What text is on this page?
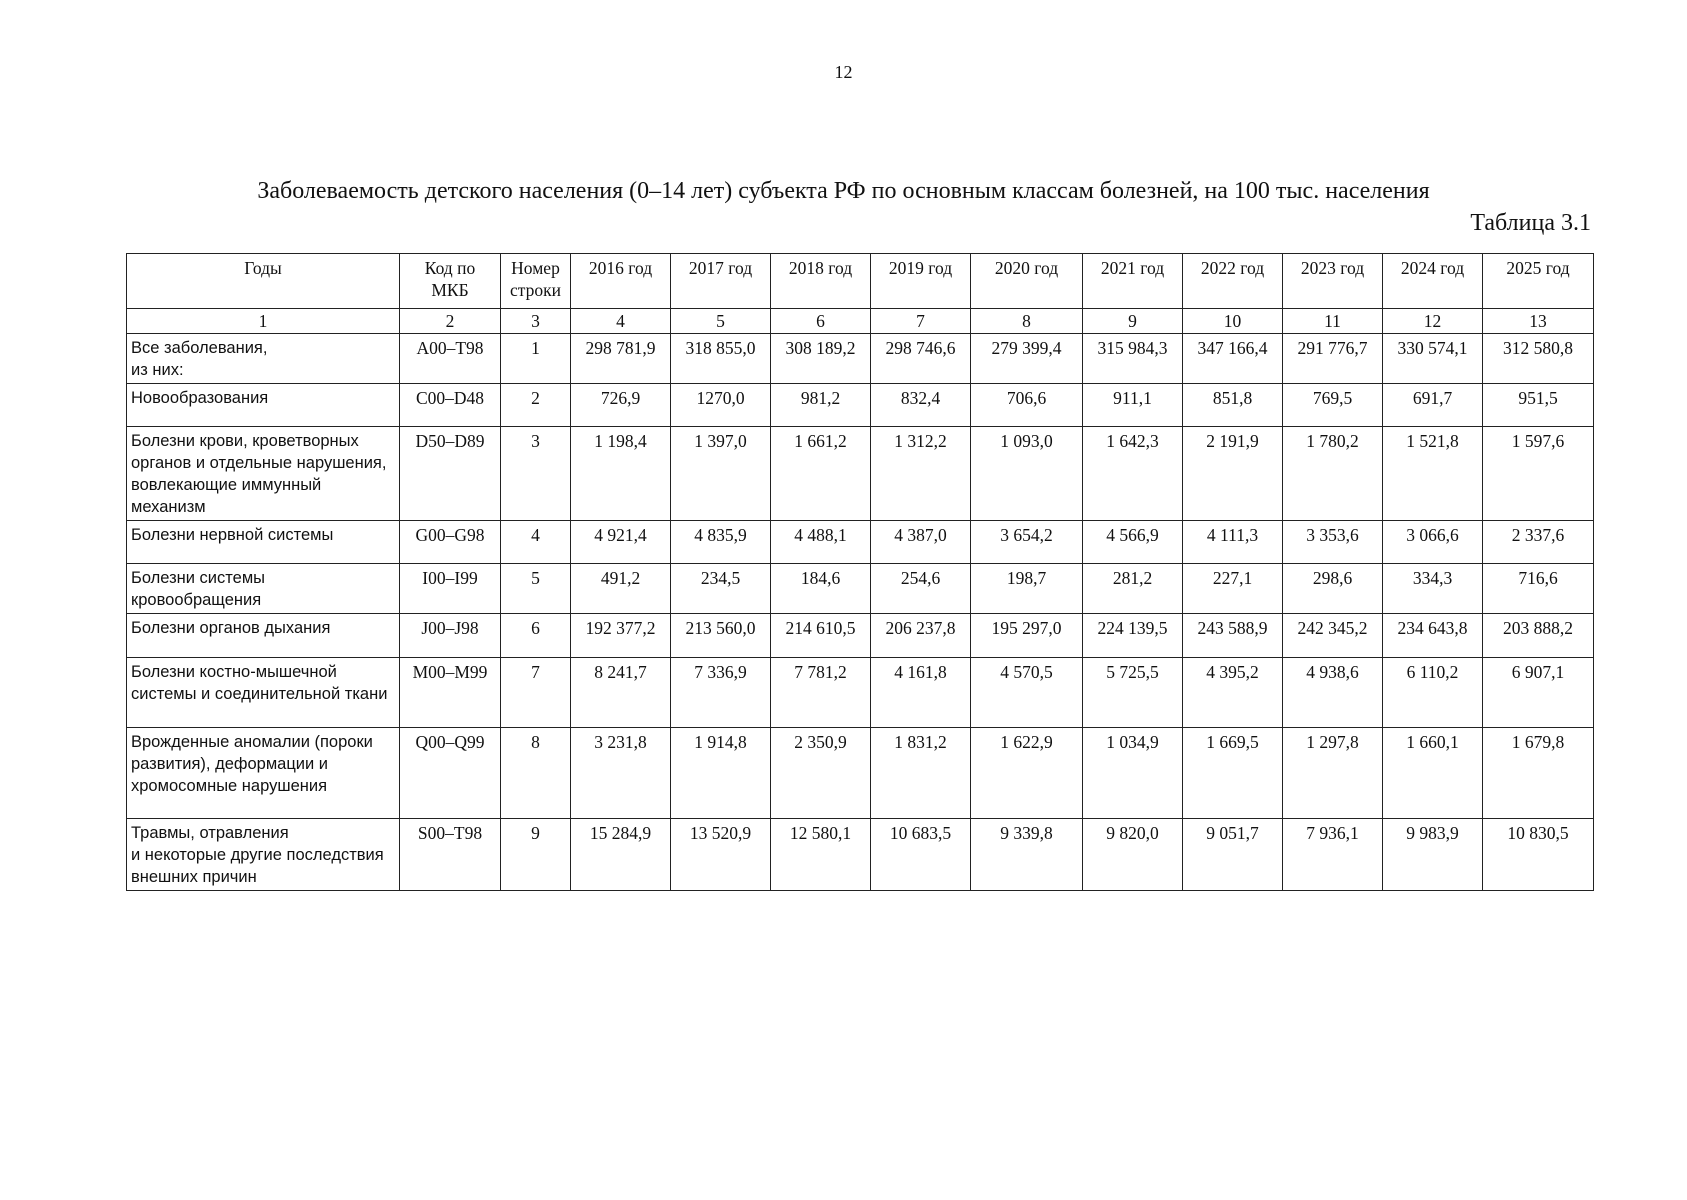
12
Заболеваемость детского населения (0–14 лет) субъекта РФ по основным классам болезней, на 100 тыс. населения
Таблица 3.1
Годы	Код по МКБ	Номер строки	2016 год	2017 год	2018 год	2019 год	2020 год	2021 год	2022 год	2023 год	2024 год	2025 год
1	2	3	4	5	6	7	8	9	10	11	12	13
Все заболевания,
из них:	A00–T98	1	298 781,9	318 855,0	308 189,2	298 746,6	279 399,4	315 984,3	347 166,4	291 776,7	330 574,1	312 580,8
Новообразования	C00–D48	2	726,9	1270,0	981,2	832,4	706,6	911,1	851,8	769,5	691,7	951,5
Болезни крови, кроветворных органов и отдельные нарушения, вовлекающие иммунный механизм	D50–D89	3	1 198,4	1 397,0	1 661,2	1 312,2	1 093,0	1 642,3	2 191,9	1 780,2	1 521,8	1 597,6
Болезни нервной системы	G00–G98	4	4 921,4	4 835,9	4 488,1	4 387,0	3 654,2	4 566,9	4 111,3	3 353,6	3 066,6	2 337,6
Болезни системы кровообращения	I00–I99	5	491,2	234,5	184,6	254,6	198,7	281,2	227,1	298,6	334,3	716,6
Болезни органов дыхания	J00–J98	6	192 377,2	213 560,0	214 610,5	206 237,8	195 297,0	224 139,5	243 588,9	242 345,2	234 643,8	203 888,2
Болезни костно-мышечной системы и соединительной ткани	M00–M99	7	8 241,7	7 336,9	7 781,2	4 161,8	4 570,5	5 725,5	4 395,2	4 938,6	6 110,2	6 907,1
Врожденные аномалии (пороки развития), деформации и хромосомные нарушения	Q00–Q99	8	3 231,8	1 914,8	2 350,9	1 831,2	1 622,9	1 034,9	1 669,5	1 297,8	1 660,1	1 679,8
Травмы, отравления
и некоторые другие последствия внешних причин	S00–T98	9	15 284,9	13 520,9	12 580,1	10 683,5	9 339,8	9 820,0	9 051,7	7 936,1	9 983,9	10 830,5
